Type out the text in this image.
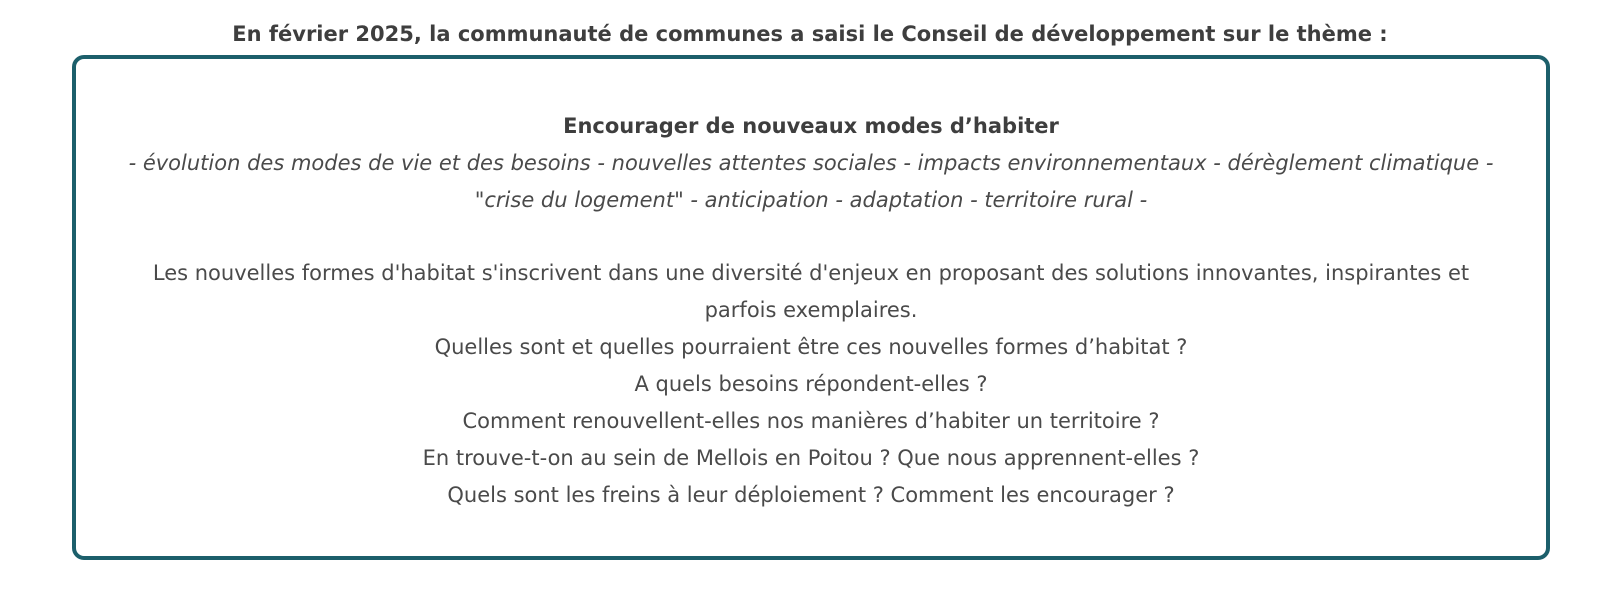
En février 2025, la communauté de communes a saisi le Conseil de développement sur le thème :
Encourager de nouveaux modes d’habiter
- évolution des modes de vie et des besoins - nouvelles attentes sociales - impacts environnementaux - dérèglement climatique -
"crise du logement" - anticipation - adaptation - territoire rural -
Les nouvelles formes d'habitat s'inscrivent dans une diversité d'enjeux en proposant des solutions innovantes, inspirantes et parfois exemplaires.
Quelles sont et quelles pourraient être ces nouvelles formes d’habitat ?
A quels besoins répondent-elles ?
Comment renouvellent-elles nos manières d’habiter un territoire ?
En trouve-t-on au sein de Mellois en Poitou ? Que nous apprennent-elles ?
Quels sont les freins à leur déploiement ? Comment les encourager ?
